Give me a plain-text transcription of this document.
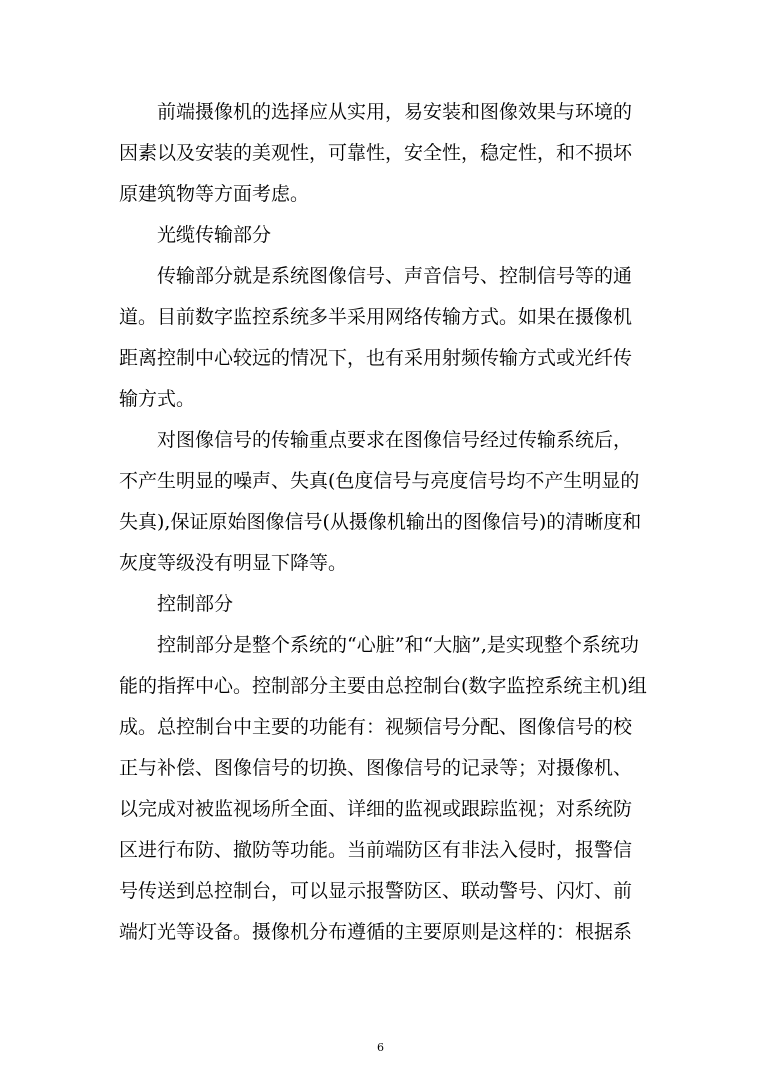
前端摄像机的选择应从实用，易安装和图像效果与环境的
因素以及安装的美观性，可靠性，安全性，稳定性，和不损坏
原建筑物等方面考虑。
光缆传输部分
传输部分就是系统图像信号、声音信号、控制信号等的通
道。目前数字监控系统多半采用网络传输方式。如果在摄像机
距离控制中心较远的情况下，也有采用射频传输方式或光纤传
输方式。
对图像信号的传输重点要求在图像信号经过传输系统后，
不产生明显的噪声、失真(色度信号与亮度信号均不产生明显的
失真),保证原始图像信号(从摄像机输出的图像信号)的清晰度和
灰度等级没有明显下降等。
控制部分
控制部分是整个系统的“心脏”和“大脑”,是实现整个系统功
能的指挥中心。控制部分主要由总控制台(数字监控系统主机)组
成。总控制台中主要的功能有：视频信号分配、图像信号的校
正与补偿、图像信号的切换、图像信号的记录等；对摄像机、
以完成对被监视场所全面、详细的监视或跟踪监视；对系统防
区进行布防、撤防等功能。当前端防区有非法入侵时，报警信
号传送到总控制台，可以显示报警防区、联动警号、闪灯、前
端灯光等设备。摄像机分布遵循的主要原则是这样的：根据系
6
